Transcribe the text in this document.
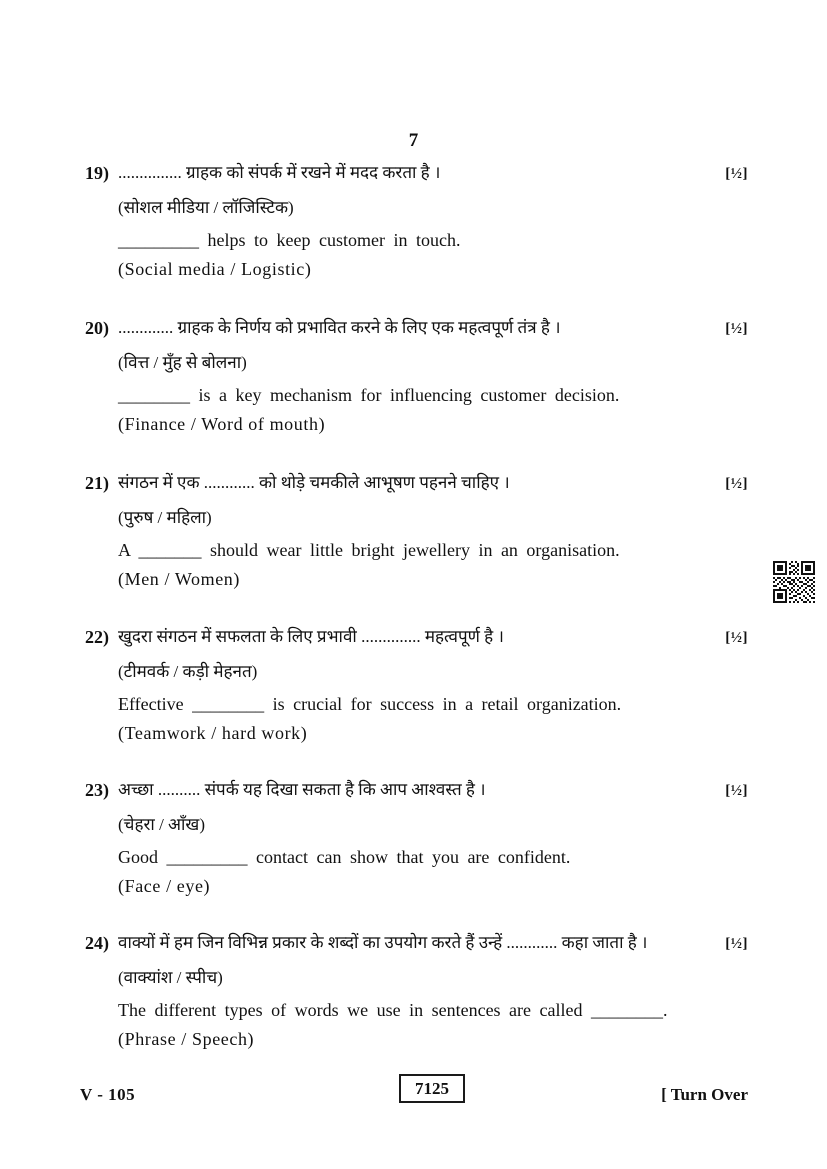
7
19) ............... ग्राहक को संपर्क में रखने में मदद करता है ।	[½]
(सोशल मीडिया / लॉजिस्टिक)
_________ helps to keep customer in touch.
(Social media / Logistic)
20) ............. ग्राहक के निर्णय को प्रभावित करने के लिए एक महत्वपूर्ण तंत्र है ।	[½]
(वित्त / मुँह से बोलना)
________ is a key mechanism for influencing customer decision.
(Finance / Word of mouth)
21) संगठन में एक ............ को थोड़े चमकीले आभूषण पहनने चाहिए ।	[½]
(पुरुष / महिला)
A _______ should wear little bright jewellery in an organisation.
(Men / Women)
22) खुदरा संगठन में सफलता के लिए प्रभावी .............. महत्वपूर्ण है ।	[½]
(टीमवर्क / कड़ी मेहनत)
Effective ________ is crucial for success in a retail organization.
(Teamwork / hard work)
23) अच्छा .......... संपर्क यह दिखा सकता है कि आप आश्वस्त है ।	[½]
(चेहरा / आँख)
Good _________ contact can show that you are confident.
(Face / eye)
24) वाक्यों में हम जिन विभिन्न प्रकार के शब्दों का उपयोग करते हैं उन्हें ............ कहा जाता है ।	[½]
(वाक्यांश / स्पीच)
The different types of words we use in sentences are called ________.
(Phrase / Speech)
V - 105	7125	[ Turn Over
